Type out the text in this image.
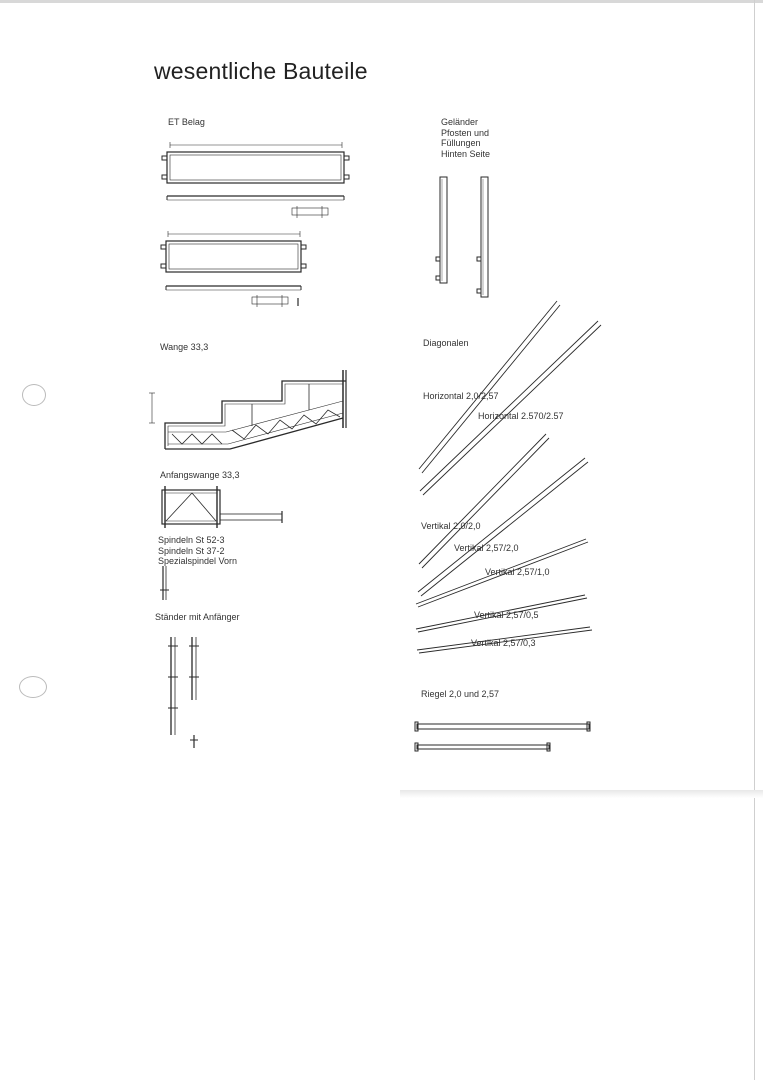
wesentliche Bauteile
ET Belag
Wange 33,3
Anfangswange 33,3
Spindeln St 52-3
Spindeln St 37-2
Spezialspindel Vorn
Ständer mit Anfänger
Geländer
Pfosten und
Füllungen
Hinten Seite
Diagonalen
Horizontal 2,0/2,57
Horizontal 2.570/2.57
Vertikal 2,0/2,0
Vertikal 2,57/2,0
Vertikal 2,57/1,0
Vertikal 2,57/0,5
Vertikal 2,57/0,3
Riegel 2,0 und 2,57
